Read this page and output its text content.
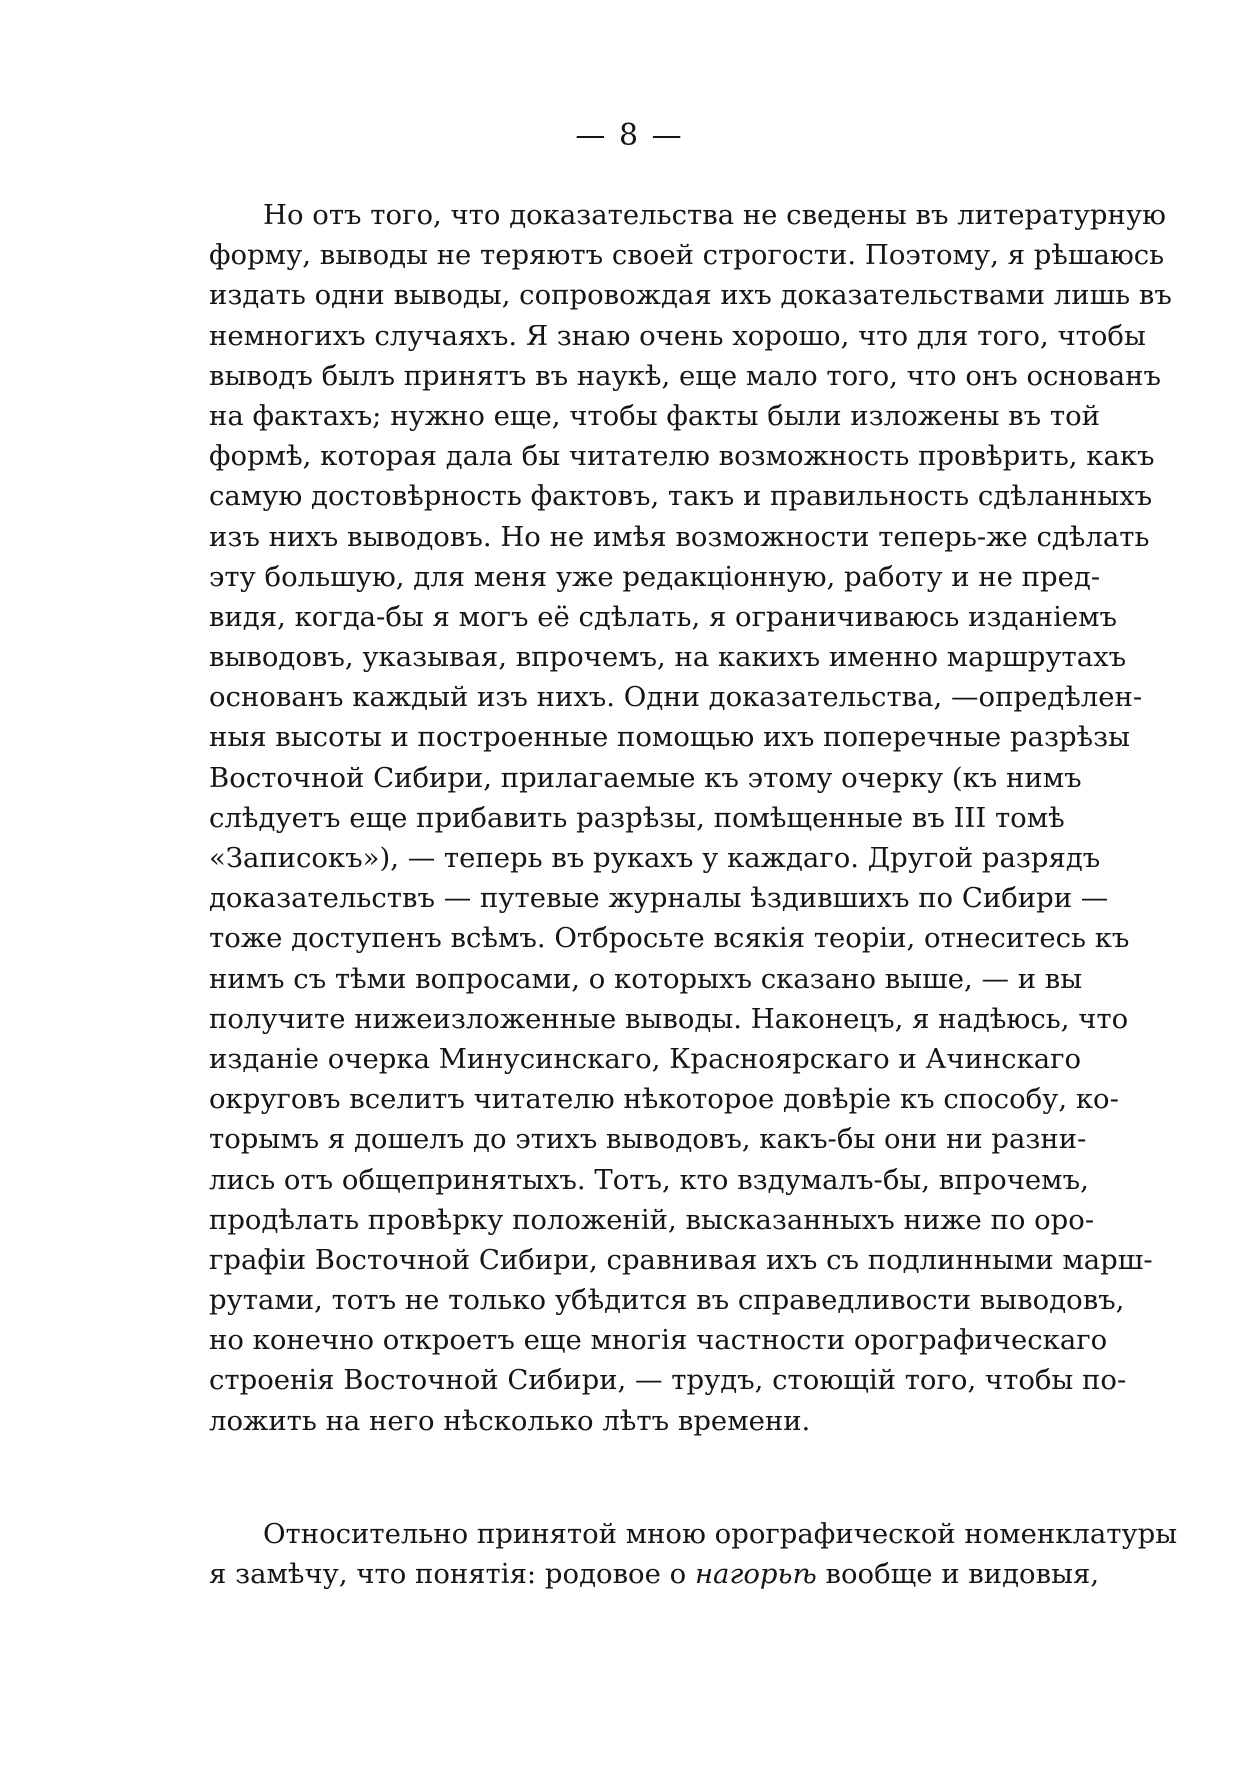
— 8 —
Но отъ того, что доказательства не сведены въ литературную
форму, выводы не теряютъ своей строгости. Поэтому, я рѣшаюсь
издать одни выводы, сопровождая ихъ доказательствами лишь въ
немногихъ случаяхъ. Я знаю очень хорошо, что для того, чтобы
выводъ былъ принятъ въ наукѣ, еще мало того, что онъ основанъ
на фактахъ; нужно еще, чтобы факты были изложены въ той
формѣ, которая дала бы читателю возможность провѣрить, какъ
самую достовѣрность фактовъ, такъ и правильность сдѣланныхъ
изъ нихъ выводовъ. Но не имѣя возможности теперь-же сдѣлать
эту большую, для меня уже редакціонную, работу и не пред-
видя, когда-бы я могъ её сдѣлать, я ограничиваюсь изданіемъ
выводовъ, указывая, впрочемъ, на какихъ именно маршрутахъ
основанъ каждый изъ нихъ. Одни доказательства, —опредѣлен-
ныя высоты и построенные помощью ихъ поперечные разрѣзы
Восточной Сибири, прилагаемые къ этому очерку (къ нимъ
слѣдуетъ еще прибавить разрѣзы, помѣщенные въ III томѣ
«Записокъ»), — теперь въ рукахъ у каждаго. Другой разрядъ
доказательствъ — путевые журналы ѣздившихъ по Сибири —
тоже доступенъ всѣмъ. Отбросьте всякія теоріи, отнеситесь къ
нимъ съ тѣми вопросами, о которыхъ сказано выше, — и вы
получите нижеизложенные выводы. Наконецъ, я надѣюсь, что
изданіе очерка Минусинскаго, Красноярскаго и Ачинскаго
округовъ вселитъ читателю нѣкоторое довѣріе къ способу, ко-
торымъ я дошелъ до этихъ выводовъ, какъ-бы они ни разни-
лись отъ общепринятыхъ. Тотъ, кто вздумалъ-бы, впрочемъ,
продѣлать провѣрку положеній, высказанныхъ ниже по оро-
графіи Восточной Сибири, сравнивая ихъ съ подлинными марш-
рутами, тотъ не только убѣдится въ справедливости выводовъ,
но конечно откроетъ еще многія частности орографическаго
строенія Восточной Сибири, — трудъ, стоющій того, чтобы по-
ложить на него нѣсколько лѣтъ времени.
Относительно принятой мною орографической номенклатуры
я замѣчу, что понятія: родовое о нагорьѣ вообще и видовыя,
